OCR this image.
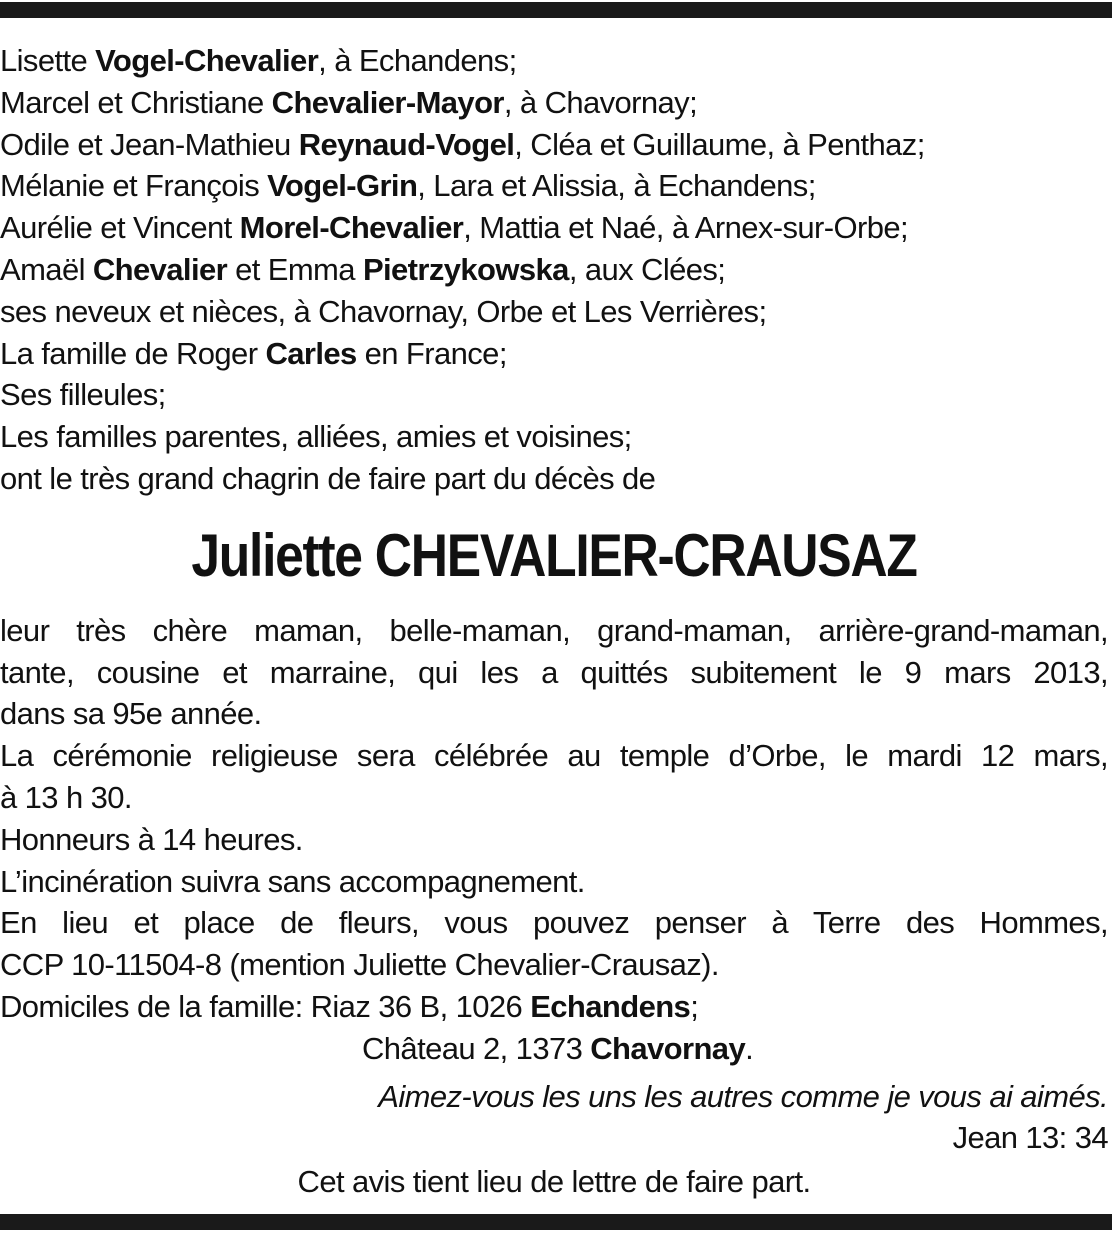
Lisette Vogel-Chevalier, à Echandens;
Marcel et Christiane Chevalier-Mayor, à Chavornay;
Odile et Jean-Mathieu Reynaud-Vogel, Cléa et Guillaume, à Penthaz;
Mélanie et François Vogel-Grin, Lara et Alissia, à Echandens;
Aurélie et Vincent Morel-Chevalier, Mattia et Naé, à Arnex-sur-Orbe;
Amaël Chevalier et Emma Pietrzykowska, aux Clées;
ses neveux et nièces, à Chavornay, Orbe et Les Verrières;
La famille de Roger Carles en France;
Ses filleules;
Les familles parentes, alliées, amies et voisines;
ont le très grand chagrin de faire part du décès de
Juliette CHEVALIER-CRAUSAZ
leur très chère maman, belle-maman, grand-maman, arrière-grand-maman,
tante, cousine et marraine, qui les a quittés subitement le 9 mars 2013,
dans sa 95e année.
La cérémonie religieuse sera célébrée au temple d’Orbe, le mardi 12 mars,
à 13 h 30.
Honneurs à 14 heures.
L’incinération suivra sans accompagnement.
En lieu et place de fleurs, vous pouvez penser à Terre des Hommes,
CCP 10-11504-8 (mention Juliette Chevalier-Crausaz).
Domiciles de la famille: Riaz 36 B, 1026 Echandens;
Château 2, 1373 Chavornay.
Aimez-vous les uns les autres comme je vous ai aimés.
Jean 13: 34
Cet avis tient lieu de lettre de faire part.
